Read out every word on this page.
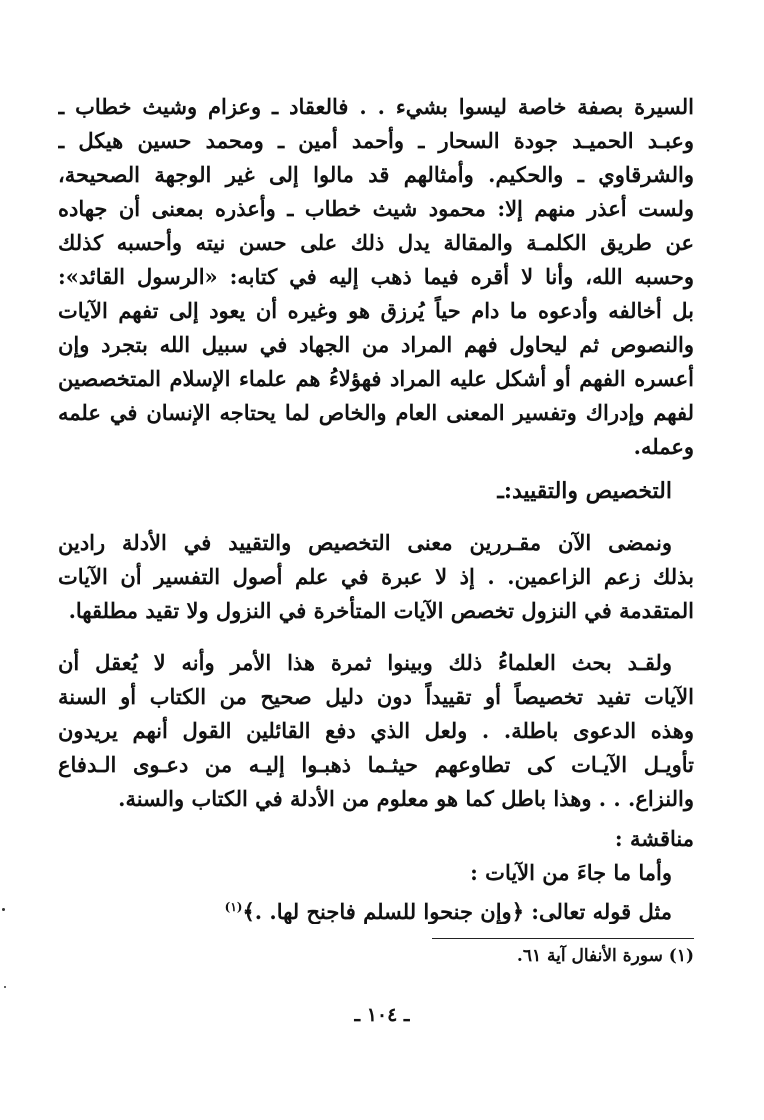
السيرة بصفة خاصة ليسوا بشيء . . فالعقاد ـ وعزام وشيث خطاب ـ
وعبـد الحميـد جودة السحار ـ وأحمد أمين ـ ومحمد حسين هيكل ـ
والشرقاوي ـ والحكيم. وأمثالهم قد مالوا إلى غير الوجهة الصحيحة،
ولست أعذر منهم إلا: محمود شيث خطاب ـ وأعذره بمعنى أن جهاده
عن طريق الكلمـة والمقالة يدل ذلك على حسن نيته وأحسبه كذلك
وحسبه الله، وأنا لا أقره فيما ذهب إليه في كتابه: «الرسول القائد»:
بل أخالفه وأدعوه ما دام حياً يُرزق هو وغيره أن يعود إلى تفهم الآيات
والنصوص ثم ليحاول فهم المراد من الجهاد في سبيل الله بتجرد وإن
أعسره الفهم أو أشكل عليه المراد فهؤلاءُ هم علماء الإسلام المتخصصين
لفهم وإدراك وتفسير المعنى العام والخاص لما يحتاجه الإنسان في علمه
وعمله.
التخصيص والتقييد:ـ
ونمضى الآن مقـررين معنى التخصيص والتقييد في الأدلة رادين
بذلك زعم الزاعمين. . إذ لا عبرة في علم أصول التفسير أن الآيات
المتقدمة في النزول تخصص الآيات المتأخرة في النزول ولا تقيد مطلقها.
ولقـد بحث العلماءُ ذلك وبينوا ثمرة هذا الأمر وأنه لا يُعقل أن
الآيات تفيد تخصيصاً أو تقييداً دون دليل صحيح من الكتاب أو السنة
وهذه الدعوى باطلة. . ولعل الذي دفع القائلين القول أنهم يريدون
تأويـل الآيـات كى تطاوعهم حيثـما ذهبـوا إليـه من دعـوى الـدفاع
والنزاع. . . وهذا باطل كما هو معلوم من الأدلة في الكتاب والسنة.
مناقشة :
وأما ما جاءَ من الآيات :
مثل قوله تعالى: ﴿وإن جنحوا للسلم فاجنح لها. .﴾$^{(١)}$
(١) سورة الأنفال آية ٦١.
ـ ١٠٤ ـ
